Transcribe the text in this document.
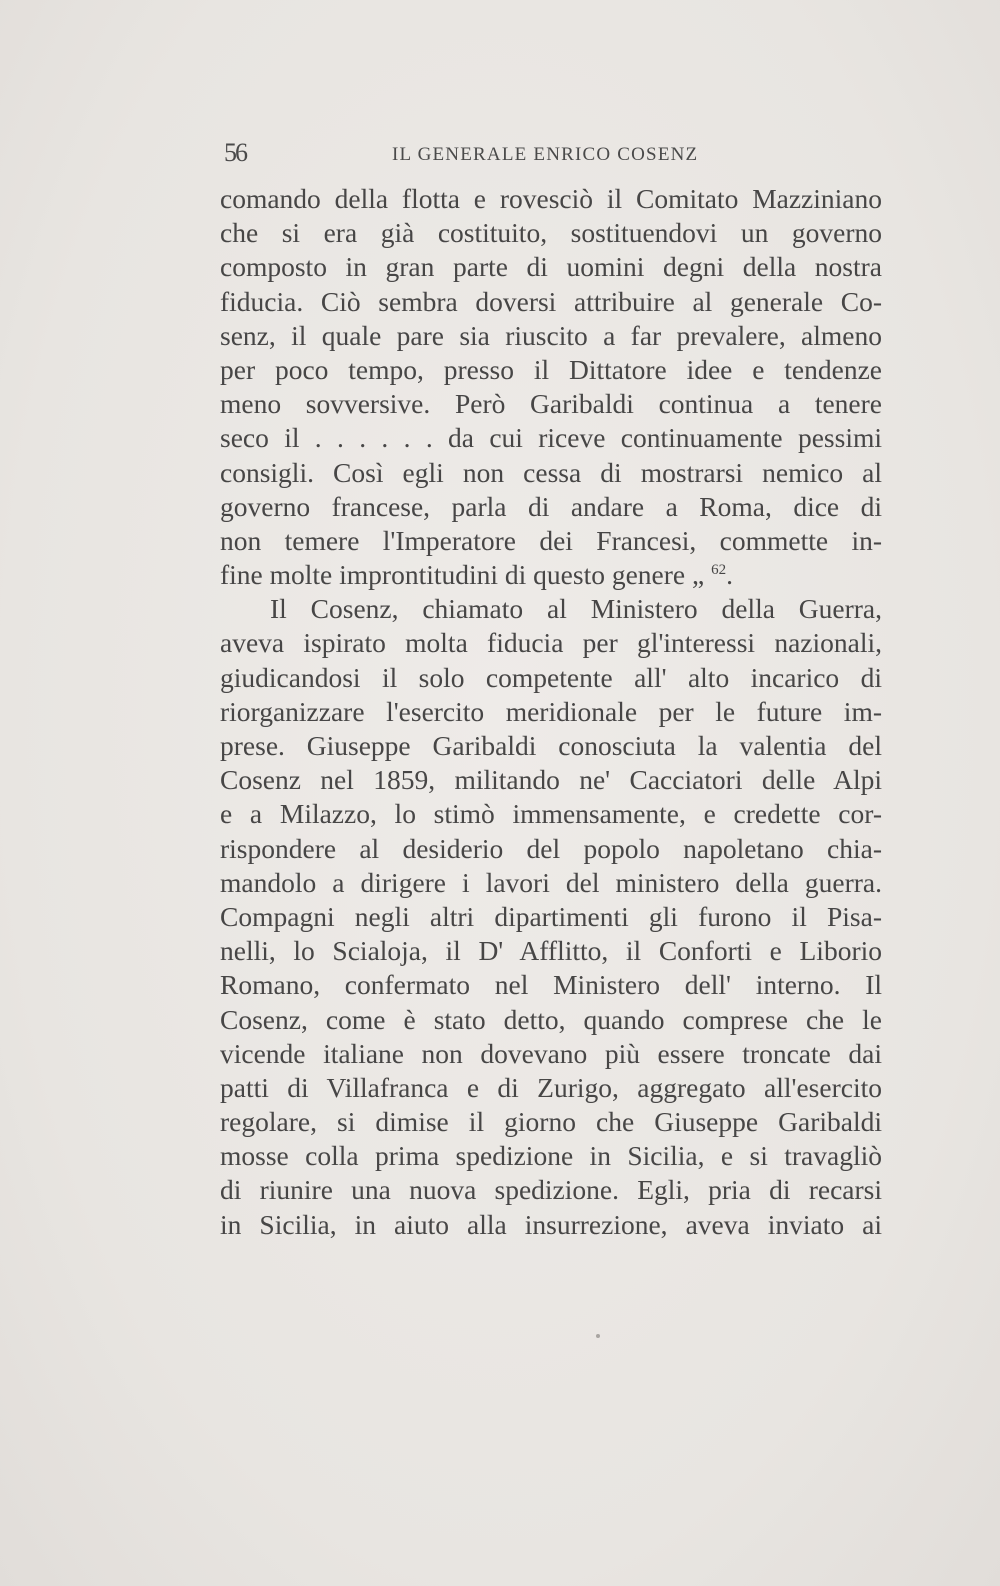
56	IL GENERALE ENRICO COSENZ
comando della flotta e rovesciò il Comitato Mazziniano
che si era già costituito, sostituendovi un governo
composto in gran parte di uomini degni della nostra
fiducia. Ciò sembra doversi attribuire al generale Co-
senz, il quale pare sia riuscito a far prevalere, almeno
per poco tempo, presso il Dittatore idee e tendenze
meno sovversive. Però Garibaldi continua a tenere
seco il . . . . . . da cui riceve continuamente pessimi
consigli. Così egli non cessa di mostrarsi nemico al
governo francese, parla di andare a Roma, dice di
non temere l'Imperatore dei Francesi, commette in-
fine molte improntitudini di questo genere „ $^{62}$.
Il Cosenz, chiamato al Ministero della Guerra,
aveva ispirato molta fiducia per gl'interessi nazionali,
giudicandosi il solo competente all' alto incarico di
riorganizzare l'esercito meridionale per le future im-
prese. Giuseppe Garibaldi conosciuta la valentia del
Cosenz nel 1859, militando ne' Cacciatori delle Alpi
e a Milazzo, lo stimò immensamente, e credette cor-
rispondere al desiderio del popolo napoletano chia-
mandolo a dirigere i lavori del ministero della guerra.
Compagni negli altri dipartimenti gli furono il Pisa-
nelli, lo Scialoja, il D' Afflitto, il Conforti e Liborio
Romano, confermato nel Ministero dell' interno. Il
Cosenz, come è stato detto, quando comprese che le
vicende italiane non dovevano più essere troncate dai
patti di Villafranca e di Zurigo, aggregato all'esercito
regolare, si dimise il giorno che Giuseppe Garibaldi
mosse colla prima spedizione in Sicilia, e si travagliò
di riunire una nuova spedizione. Egli, pria di recarsi
in Sicilia, in aiuto alla insurrezione, aveva inviato ai
